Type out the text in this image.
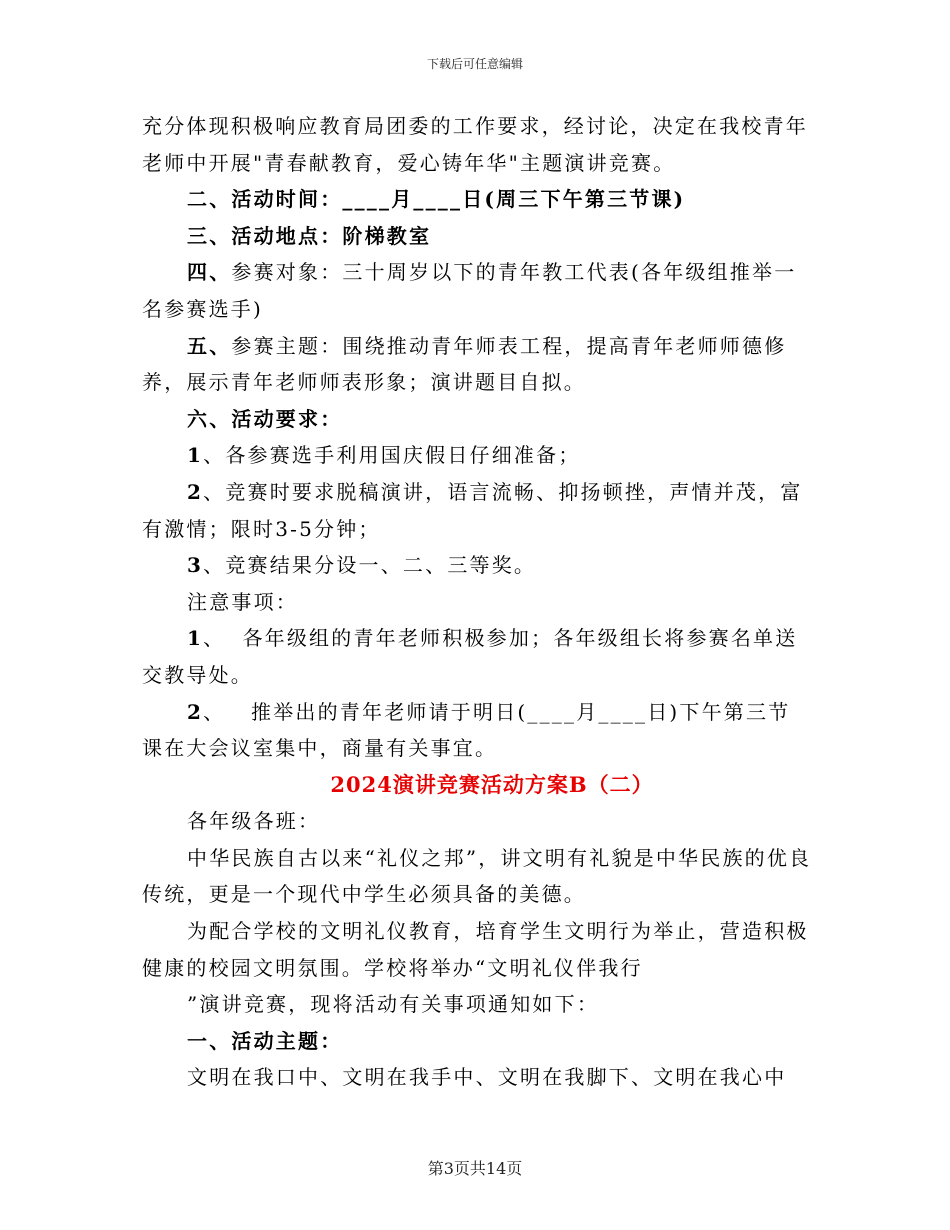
下载后可任意编辑

充分体现积极响应教育局团委的工作要求，经讨论，决定在我校青年老师中开展"青春献教育，爱心铸年华"主题演讲竞赛。

二、活动时间：____月____日(周三下午第三节课)

三、活动地点：阶梯教室

四、参赛对象：三十周岁以下的青年教工代表(各年级组推举一名参赛选手)

五、参赛主题：围绕推动青年师表工程，提高青年老师师德修养，展示青年老师师表形象；演讲题目自拟。

六、活动要求：

1、各参赛选手利用国庆假日仔细准备；

2、竞赛时要求脱稿演讲，语言流畅、抑扬顿挫，声情并茂，富有激情；限时3-5分钟；

3、竞赛结果分设一、二、三等奖。

注意事项：

1、  各年级组的青年老师积极参加；各年级组长将参赛名单送交教导处。

2、   推举出的青年老师请于明日(____月____日)下午第三节课在大会议室集中，商量有关事宜。

2024演讲竞赛活动方案B（二）

各年级各班：

中华民族自古以来“礼仪之邦”，讲文明有礼貌是中华民族的优良传统，更是一个现代中学生必须具备的美德。

为配合学校的文明礼仪教育，培育学生文明行为举止，营造积极健康的校园文明氛围。学校将举办“文明礼仪伴我行

”演讲竞赛，现将活动有关事项通知如下：

一、活动主题：

文明在我口中、文明在我手中、文明在我脚下、文明在我心中

第3页共14页
